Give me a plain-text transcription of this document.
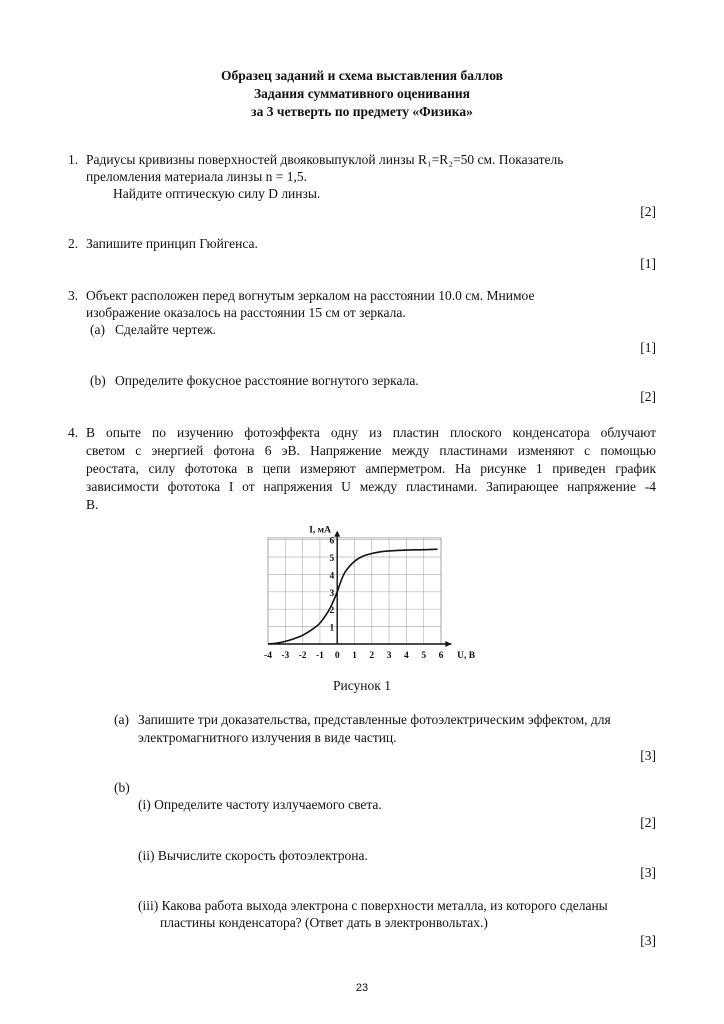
Образец заданий и схема выставления баллов
Задания суммативного оценивания
за 3 четверть по предмету «Физика»
1. Радиусы кривизны поверхностей двояковыпуклой линзы R₁=R₂=50 см. Показатель
преломления материала линзы n = 1,5.
Найдите оптическую силу D линзы.
[2]
2. Запишите принцип Гюйгенса.
[1]
3. Объект расположен перед вогнутым зеркалом на расстоянии 10.0 см. Мнимое
изображение оказалось на расстоянии 15 см от зеркала.
(a) Сделайте чертеж.
[1]
(b) Определите фокусное расстояние вогнутого зеркала.
[2]
4. В опыте по изучению фотоэффекта одну из пластин плоского конденсатора облучают
светом с энергией фотона 6 эВ. Напряжение между пластинами изменяют с помощью
реостата, силу фототока в цепи измеряют амперметром. На рисунке 1 приведен график
зависимости фототока I от напряжения U между пластинами. Запирающее напряжение -4
В.
-4 -3 -2 -1 0 1 2 3 4 5 6
1
2
3
4
5
6
U, В
I, мА
Рисунок 1
(a) Запишите три доказательства, представленные фотоэлектрическим эффектом, для
электромагнитного излучения в виде частиц.
[3]
(b)
(i) Определите частоту излучаемого света.
[2]
(ii) Вычислите скорость фотоэлектрона.
[3]
(iii) Какова работа выхода электрона с поверхности металла, из которого сделаны
пластины конденсатора? (Ответ дать в электронвольтах.)
[3]
23
